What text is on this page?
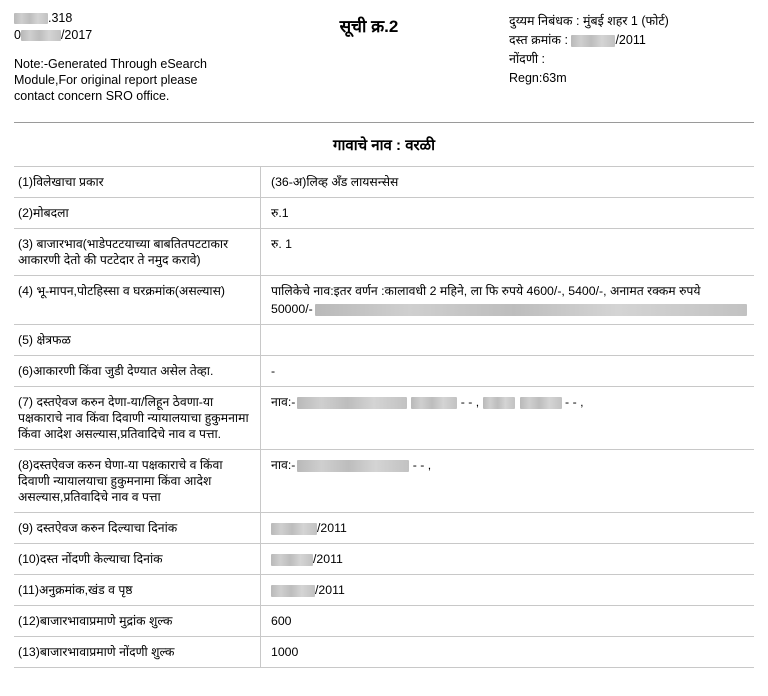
.318
0	/2017
Note:-Generated Through eSearch Module,For original report please contact concern SRO office.
सूची क्र.2	दुय्यम निबंधक : मुंबई शहर 1 (फोर्ट)
दस्त क्रमांक :	/2011
नोंदणी :
Regn:63m
गावाचे नाव : वरळी
(1)विलेखाचा प्रकार	(36-अ)लिव्ह अँड लायसन्सेस
(2)मोबदला	रु.1
(3) बाजारभाव(भाडेपटटयाच्या बाबतितपटटाकार आकारणी देतो की पटटेदार ते नमुद करावे)	रु. 1
(4) भू-मापन,पोटहिस्सा व घरक्रमांक(असल्यास)	पालिकेचे नाव:इतर वर्णन :कालावधी 2 महिने, ला फि रुपये 4600/-, 5400/-, अनामत रक्कम रुपये
50000/-

(5) क्षेत्रफळ	
(6)आकारणी किंवा जुडी देण्यात असेल तेव्हा.	-
(7) दस्तऐवज करुन देणा-या/लिहून ठेवणा-या पक्षकाराचे नाव किंवा दिवाणी न्यायालयाचा हुकुमनामा किंवा आदेश असल्यास,प्रतिवादिचे नाव व पत्ता.	नाव:- - - , - - ,
(8)दस्तऐवज करुन घेणा-या पक्षकाराचे व किंवा दिवाणी न्यायालयाचा हुकुमनामा किंवा आदेश असल्यास,प्रतिवादिचे नाव व पत्ता	नाव:- - - ,
(9) दस्तऐवज करुन दिल्याचा दिनांक	/2011
(10)दस्त नोंदणी केल्याचा दिनांक	/2011
(11)अनुक्रमांक,खंड व पृष्ठ	/2011
(12)बाजारभावाप्रमाणे मुद्रांक शुल्क	600
(13)बाजारभावाप्रमाणे नोंदणी शुल्क	1000
